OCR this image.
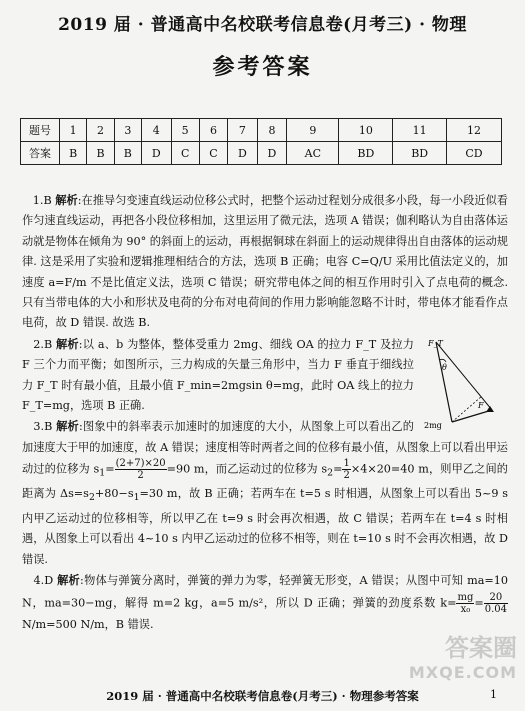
2019 届 · 普通高中名校联考信息卷(月考三) · 物理
参考答案
题号	1	2	3	4	5	6	7	8	9	10	11	12
答案	B	B	B	D	C	C	D	D	AC	BD	BD	CD

1.B 解析:在推导匀变速直线运动位移公式时，把整个运动过程划分成很多小段，每一小段近似看作匀速直线运动，再把各小段位移相加，这里运用了微元法，选项 A 错误；伽利略认为自由落体运动就是物体在倾角为 90° 的斜面上的运动，再根据铜球在斜面上的运动规律得出自由落体的运动规律. 这是采用了实验和逻辑推理相结合的方法，选项 B 正确；电容 C=Q/U 采用比值法定义的，加速度 a=F/m 不是比值定义法，选项 C 错误；研究带电体之间的相互作用时引入了点电荷的概念. 只有当带电体的大小和形状及电荷的分布对电荷间的作用力影响能忽略不计时，带电体才能看作点电荷，故 D 错误. 故选 B.

F_T
θ
F
2mg
2.B 解析:以 a、b 为整体，整体受重力 2mg、细线 OA 的拉力 F_T 及拉力 F 三个力而平衡；如图所示，三力构成的矢量三角形中，当力 F 垂直于细线拉力 F_T 时有最小值，且最小值 F_min=2mgsin θ=mg，此时 OA 线上的拉力 F_T=mg，选项 B 正确.

3.B 解析:图象中的斜率表示加速时的加速度的大小，从图象上可以看出乙的加速度大于甲的加速度，故 A 错误；速度相等时两者之间的位移有最小值，从图象上可以看出甲运动过的位移为 $s_1= \frac{(2+7)\times 20}{2} =90$ m，而乙运动过的位移为 $s_2= \frac{1}{2} \times 4\times 20=40$ m，则甲乙之间的距离为 $\Delta s=s_2+80-s_1=30$ m，故 B 正确；若两车在 t=5 s 时相遇，从图象上可以看出 5~9 s 内甲乙运动过的位移相等，所以甲乙在 t=9 s 时会再次相遇，故 C 错误；若两车在 t=4 s 时相遇，从图象上可以看出 4~10 s 内甲乙运动过的位移不相等，则在 t=10 s 时不会再次相遇，故 D 错误.

4.D 解析:物体与弹簧分离时，弹簧的弹力为零，轻弹簧无形变，A 错误；从图中可知 ma=10 N，ma=30−mg，解得 m=2 kg，a=5 m/s²，所以 D 正确；弹簧的劲度系数 $k= \frac{mg}{\text{x₀}} = \frac{20}{0.04}$
N/m=500 N/m，B 错误.

答案圈
MXQE.COM
2019 届 · 普通高中名校联考信息卷(月考三) · 物理参考答案	1
